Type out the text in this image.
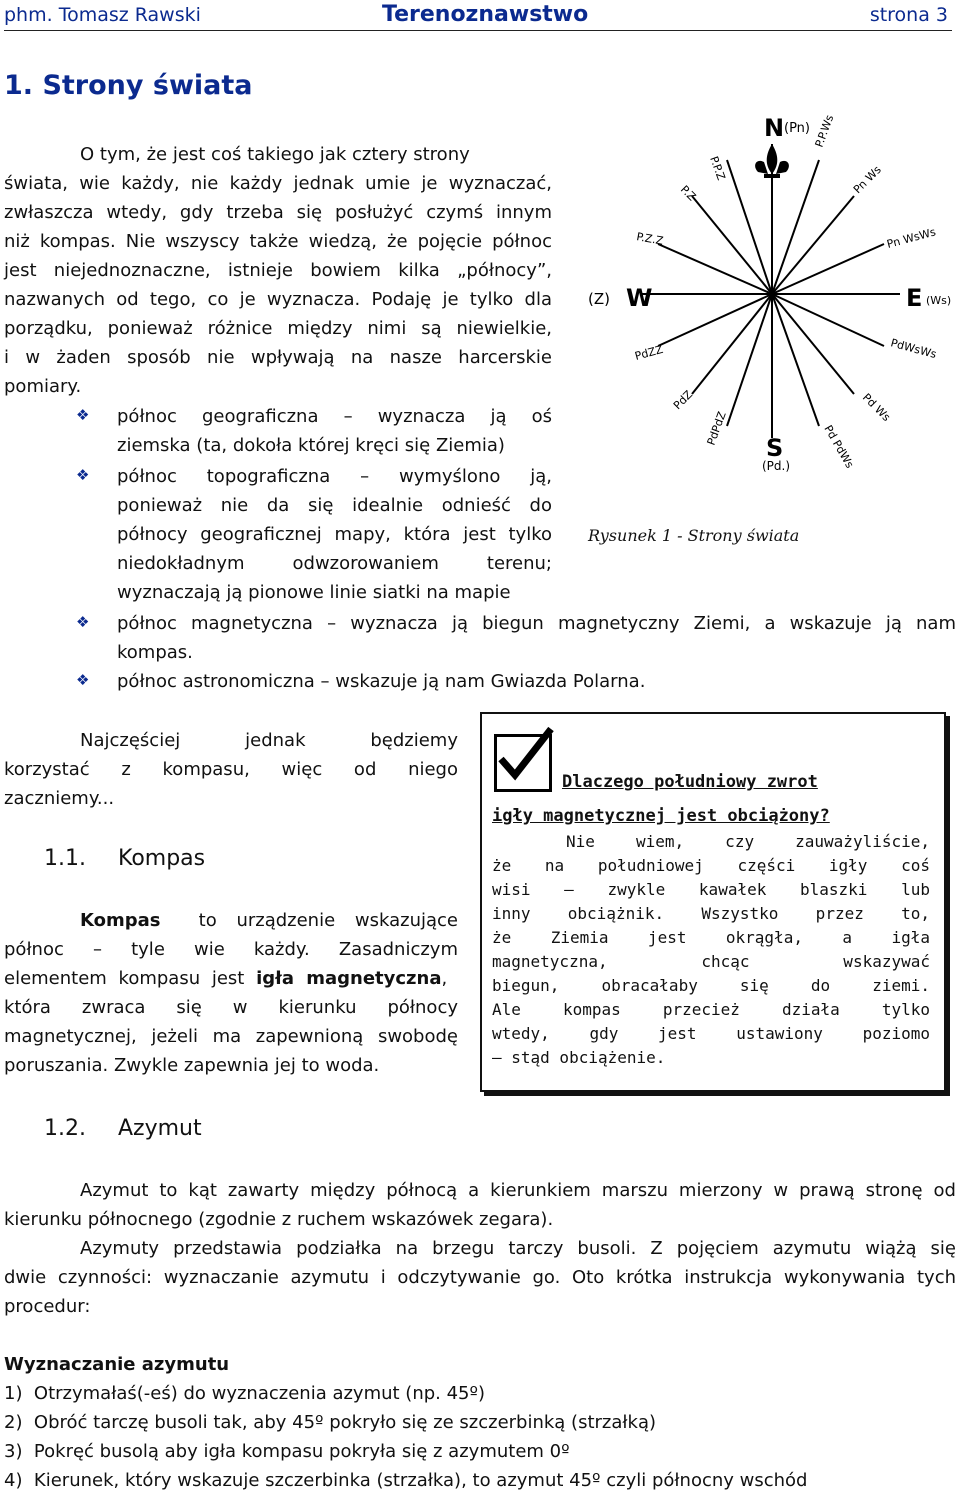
phm. Tomasz Rawski	Terenoznawstwo	strona 3
1. Strony świata
O tym, że jest coś takiego jak cztery strony
świata, wie każdy, nie każdy jednak umie je wyznaczać,
zwłaszcza wtedy, gdy trzeba się posłużyć czymś innym
niż kompas. Nie wszyscy także wiedzą, że pojęcie północ
jest niejednoznaczne, istnieje bowiem kilka „północy”,
nazwanych od tego, co je wyznacza. Podaję je tylko dla
porządku, ponieważ różnice między nimi są niewielkie,
i w żaden sposób nie wpływają na nasze harcerskie
pomiary.
❖ północ geograficzna – wyznacza ją oś
ziemska (ta, dokoła której kręci się Ziemia)
❖ północ topograficzna – wymyślono ją,
ponieważ nie da się idealnie odnieść do
północy geograficznej mapy, która jest tylko
niedokładnym odwzorowaniem terenu;
wyznaczają ją pionowe linie siatki na mapie
❖ północ magnetyczna – wyznacza ją biegun magnetyczny Ziemi, a wskazuje ją nam
kompas.
❖ północ astronomiczna – wskazuje ją nam Gwiazda Polarna.
N (Pn)
S
(Pd.)
E (Ws)
W
(Z)
P.P.Z
P.Z
P.Z.Z
PdZZ
PdZ
PdPdZ
P.P.Ws
Pn Ws
Pn WsWs
PdWsWs
Pd Ws
Pd PdWs
Rysunek 1 - Strony świata
Najczęściej jednak będziemy
korzystać z kompasu, więc od niego
zaczniemy...
1.1. Kompas
Kompas to urządzenie wskazujące
północ – tyle wie każdy. Zasadniczym
elementem kompasu jest igła magnetyczna,
która zwraca się w kierunku północy
magnetycznej, jeżeli ma zapewnioną swobodę
poruszania. Zwykle zapewnia jej to woda.
Dlaczego południowy zwrot
igły magnetycznej jest obciążony?
Nie wiem, czy zauważyliście,
że na południowej części igły coś
wisi – zwykle kawałek blaszki lub
inny obciążnik. Wszystko przez to,
że Ziemia jest okrągła, a igła
magnetyczna, chcąc wskazywać
biegun, obracałaby się do ziemi.
Ale kompas przecież działa tylko
wtedy, gdy jest ustawiony poziomo
– stąd obciążenie.
1.2. Azymut
Azymut to kąt zawarty między północą a kierunkiem marszu mierzony w prawą stronę od
kierunku północnego (zgodnie z ruchem wskazówek zegara).
Azymuty przedstawia podziałka na brzegu tarczy busoli. Z pojęciem azymutu wiążą się
dwie czynności: wyznaczanie azymutu i odczytywanie go. Oto krótka instrukcja wykonywania tych
procedur:
Wyznaczanie azymutu
1)  Otrzymałaś(-eś) do wyznaczenia azymut (np. 45º)
2)  Obróć tarczę busoli tak, aby 45º pokryło się ze szczerbinką (strzałką)
3)  Pokręć busolą aby igła kompasu pokryła się z azymutem 0º
4)  Kierunek, który wskazuje szczerbinka (strzałka), to azymut 45º czyli północny wschód
